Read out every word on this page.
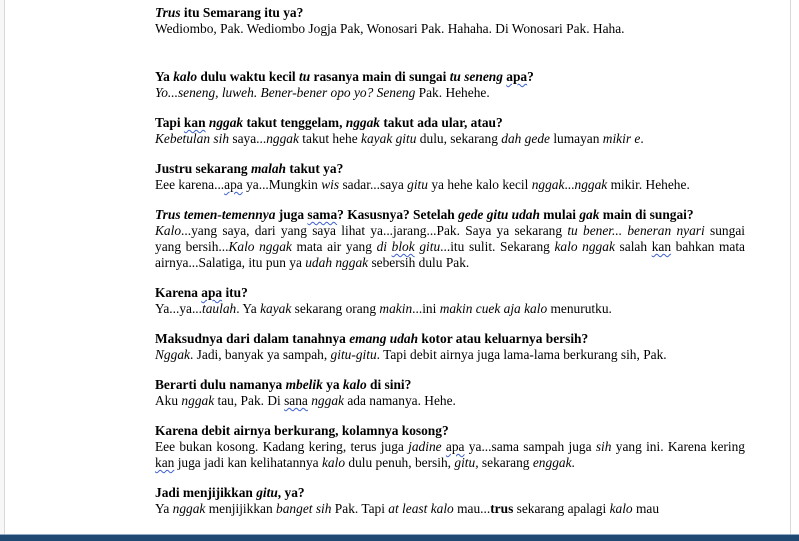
Trus itu Semarang itu ya?

Wediombo, Pak. Wediombo Jogja Pak, Wonosari Pak. Hahaha. Di Wonosari Pak. Haha.

Ya kalo dulu waktu kecil tu rasanya main di sungai tu seneng apa?

Yo...seneng, luweh. Bener-bener opo yo? Seneng Pak. Hehehe.

Tapi kan nggak takut tenggelam, nggak takut ada ular, atau?

Kebetulan sih saya...nggak takut hehe kayak gitu dulu, sekarang dah gede lumayan mikir e.

Justru sekarang malah takut ya?

Eee karena...apa ya...Mungkin wis sadar...saya gitu ya hehe kalo kecil nggak...nggak mikir. Hehehe.

Trus temen-temennya juga sama? Kasusnya? Setelah gede gitu udah mulai gak main di sungai?

Kalo...yang saya, dari yang saya lihat ya...jarang...Pak. Saya ya sekarang tu bener... beneran nyari sungai yang bersih...Kalo nggak mata air yang di blok gitu...itu sulit. Sekarang kalo nggak salah kan bahkan mata airnya...Salatiga, itu pun ya udah nggak sebersih dulu Pak.

Karena apa itu?

Ya...ya...taulah. Ya kayak sekarang orang makin...ini makin cuek aja kalo menurutku.

Maksudnya dari dalam tanahnya emang udah kotor atau keluarnya bersih?

Nggak. Jadi, banyak ya sampah, gitu-gitu. Tapi debit airnya juga lama-lama berkurang sih, Pak.

Berarti dulu namanya mbelik ya kalo di sini?

Aku nggak tau, Pak. Di sana nggak ada namanya. Hehe.

Karena debit airnya berkurang, kolamnya kosong?

Eee bukan kosong. Kadang kering, terus juga jadine apa ya...sama sampah juga sih yang ini. Karena kering kan juga jadi kan kelihatannya kalo dulu penuh, bersih, gitu, sekarang enggak.

Jadi menjijikkan gitu, ya?

Ya nggak menjijikkan banget sih Pak. Tapi at least kalo mau...trus sekarang apalagi kalo mau
